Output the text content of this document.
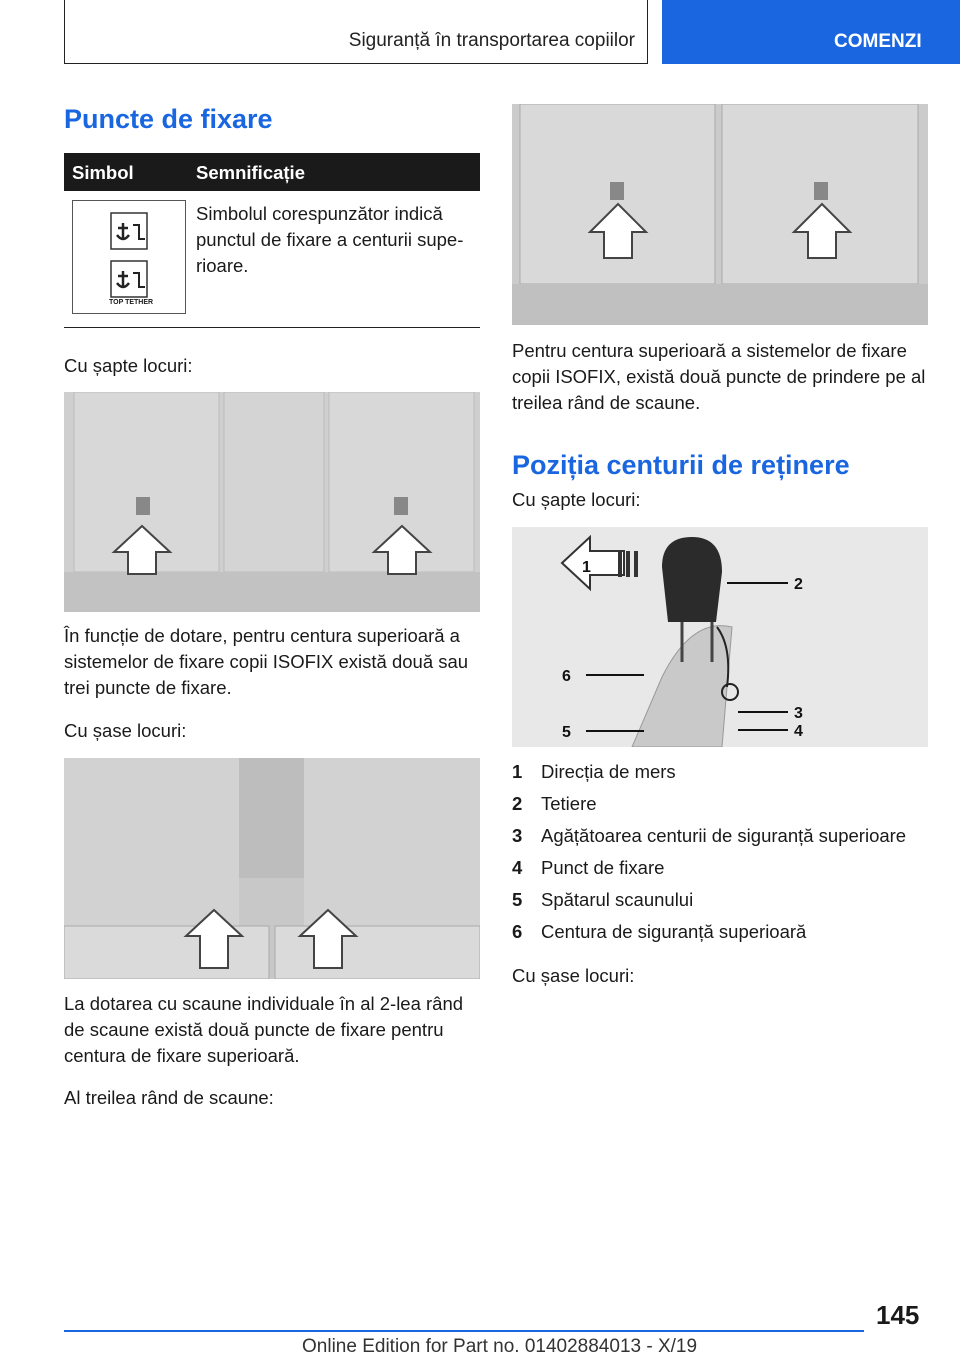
Siguranță în transportarea copiilor	COMENZI
Puncte de fixare
Simbol	Semnificație
TOP TETHER

Simbolul corespunzător indică punctul de fixare a centurii supe-rioare.

Cu șapte locuri:

În funcție de dotare, pentru centura superioară a sistemelor de fixare copii ISOFIX există două sau trei puncte de fixare.

Cu șase locuri:

La dotarea cu scaune individuale în al 2-lea rând de scaune există două puncte de fixare pentru centura de fixare superioară.

Al treilea rând de scaune:

Pentru centura superioară a sistemelor de fixare copii ISOFIX, există două puncte de prindere pe al treilea rând de scaune.

Poziția centurii de reținere

Cu șapte locuri:

1
2
6
5
3
4
1 Direcția de mers
2 Tetiere
3 Agățătoarea centurii de siguranță superioare
4 Punct de fixare
5 Spătarul scaunului
6 Centura de siguranță superioară

Cu șase locuri:

145
Online Edition for Part no. 01402884013 - X/19
